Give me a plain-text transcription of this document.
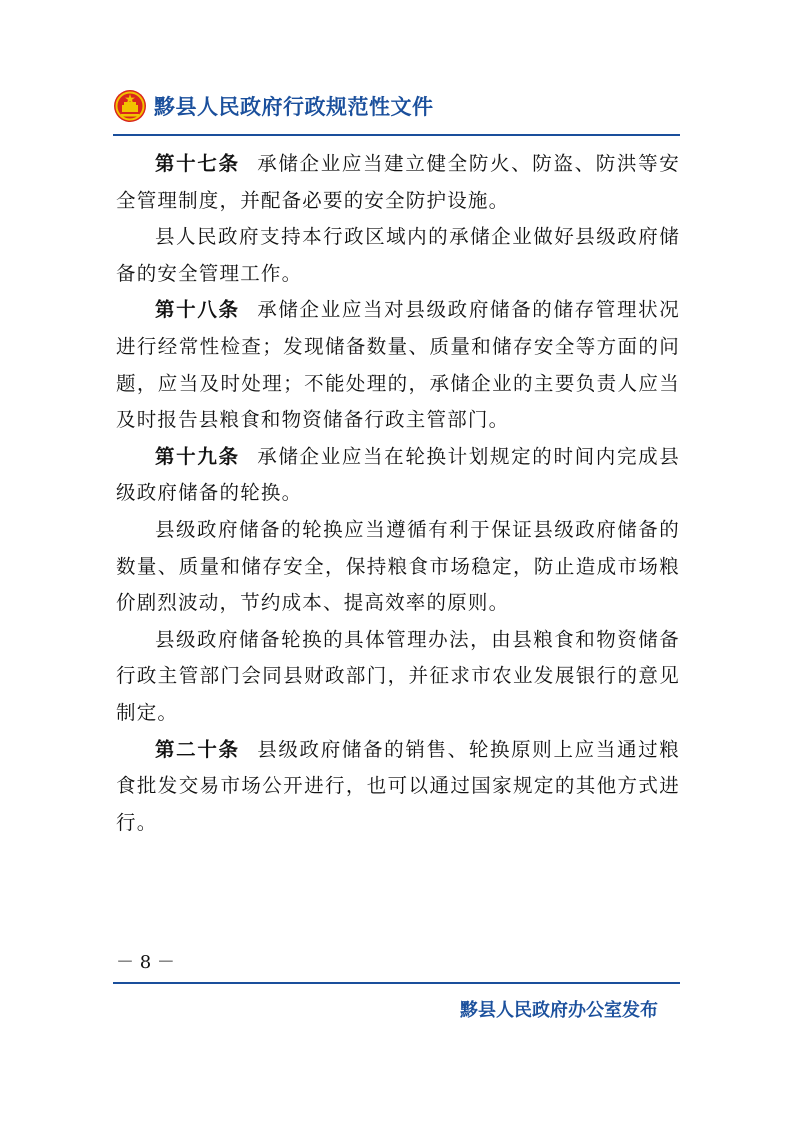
黟县人民政府行政规范性文件

第十七条 承储企业应当建立健全防火、防盗、防洪等安全管理制度，并配备必要的安全防护设施。

县人民政府支持本行政区域内的承储企业做好县级政府储备的安全管理工作。

第十八条 承储企业应当对县级政府储备的储存管理状况进行经常性检查；发现储备数量、质量和储存安全等方面的问题，应当及时处理；不能处理的，承储企业的主要负责人应当及时报告县粮食和物资储备行政主管部门。

第十九条 承储企业应当在轮换计划规定的时间内完成县级政府储备的轮换。

县级政府储备的轮换应当遵循有利于保证县级政府储备的数量、质量和储存安全，保持粮食市场稳定，防止造成市场粮价剧烈波动，节约成本、提高效率的原则。

县级政府储备轮换的具体管理办法，由县粮食和物资储备行政主管部门会同县财政部门，并征求市农业发展银行的意见制定。

第二十条 县级政府储备的销售、轮换原则上应当通过粮食批发交易市场公开进行，也可以通过国家规定的其他方式进行。

－ 8 －
黟县人民政府办公室发布
